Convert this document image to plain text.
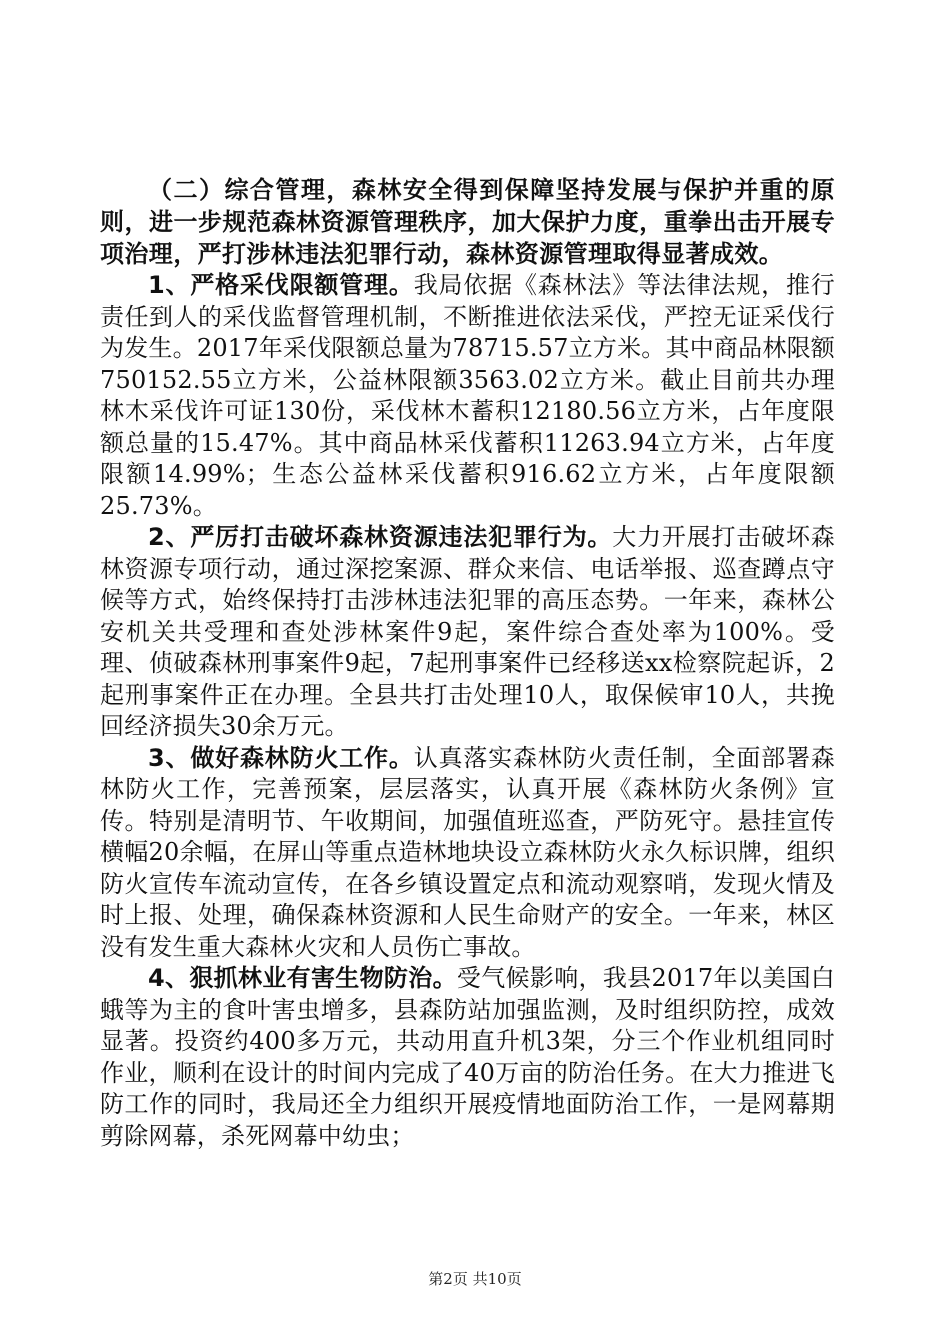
（二）综合管理，森林安全得到保障坚持发展与保护并重的原则，进一步规范森林资源管理秩序，加大保护力度，重拳出击开展专项治理，严打涉林违法犯罪行动，森林资源管理取得显著成效。

1、严格采伐限额管理。我局依据《森林法》等法律法规，推行责任到人的采伐监督管理机制，不断推进依法采伐，严控无证采伐行为发生。2017年采伐限额总量为78715.57立方米。其中商品林限额750152.55立方米，公益林限额3563.02立方米。截止目前共办理林木采伐许可证130份，采伐林木蓄积12180.56立方米，占年度限额总量的15.47%。其中商品林采伐蓄积11263.94立方米，占年度限额14.99%；生态公益林采伐蓄积916.62立方米，占年度限额25.73%。

2、严厉打击破坏森林资源违法犯罪行为。大力开展打击破坏森林资源专项行动，通过深挖案源、群众来信、电话举报、巡查蹲点守候等方式，始终保持打击涉林违法犯罪的高压态势。一年来，森林公安机关共受理和查处涉林案件9起，案件综合查处率为100%。受理、侦破森林刑事案件9起，7起刑事案件已经移送xx检察院起诉，2起刑事案件正在办理。全县共打击处理10人，取保候审10人，共挽回经济损失30余万元。

3、做好森林防火工作。认真落实森林防火责任制，全面部署森林防火工作，完善预案，层层落实，认真开展《森林防火条例》宣传。特别是清明节、午收期间，加强值班巡查，严防死守。悬挂宣传横幅20余幅，在屏山等重点造林地块设立森林防火永久标识牌，组织防火宣传车流动宣传，在各乡镇设置定点和流动观察哨，发现火情及时上报、处理，确保森林资源和人民生命财产的安全。一年来，林区没有发生重大森林火灾和人员伤亡事故。

4、狠抓林业有害生物防治。受气候影响，我县2017年以美国白蛾等为主的食叶害虫增多，县森防站加强监测，及时组织防控，成效显著。投资约400多万元，共动用直升机3架，分三个作业机组同时作业，顺利在设计的时间内完成了40万亩的防治任务。在大力推进飞防工作的同时，我局还全力组织开展疫情地面防治工作，一是网幕期剪除网幕，杀死网幕中幼虫；

第2页 共10页
